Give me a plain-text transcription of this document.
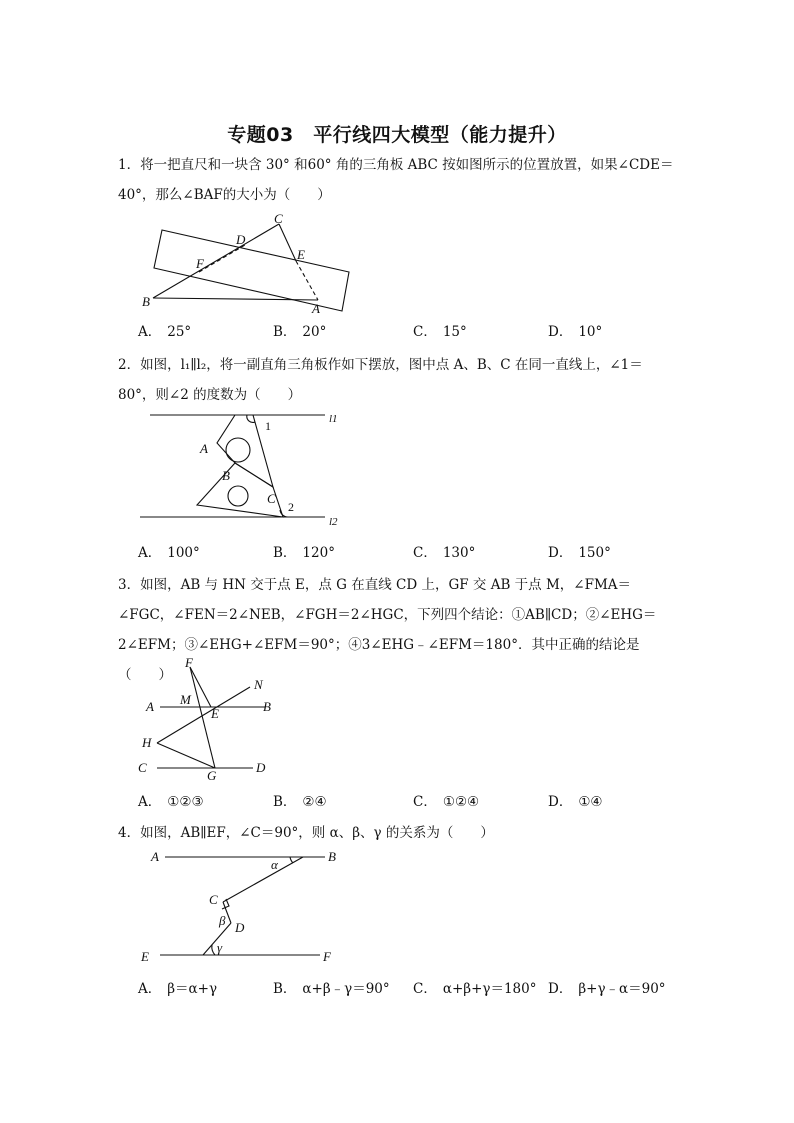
专题03　平行线四大模型（能力提升）
1．将一把直尺和一块含 30° 和60° 角的三角板 ABC 按如图所示的位置放置，如果∠CDE＝40°，那么∠BAF的大小为（　　）
C
D
E
F
B	A
A． 25°	B． 20°	C． 15°	D． 10°
2．如图，l₁∥l₂，将一副直角三角板作如下摆放，图中点 A、B、C 在同一直线上，∠1＝80°，则∠2 的度数为（　　）
1	l1
A
B
C
2
l2
A． 100°	B． 120°	C． 130°	D． 150°
3．如图，AB 与 HN 交于点 E，点 G 在直线 CD 上，GF 交 AB 于点 M，∠FMA＝∠FGC，∠FEN＝2∠NEB，∠FGH＝2∠HGC，下列四个结论：①AB∥CD；②∠EHG＝2∠EFM；③∠EHG+∠EFM＝90°；④3∠EHG﹣∠EFM＝180°．其中正确的结论是（　　）
F
N
M
A	E	B
H
C
G
D
A． ①②③	B． ②④	C． ①②④	D． ①④
4．如图，AB∥EF，∠C＝90°，则 α、β、γ 的关系为（　　）
A
α
B
C
β D
E
γ
F
A． β＝α+γ	B． α+β﹣γ＝90° C． α+β+γ＝180° D． β+γ﹣α＝90°
